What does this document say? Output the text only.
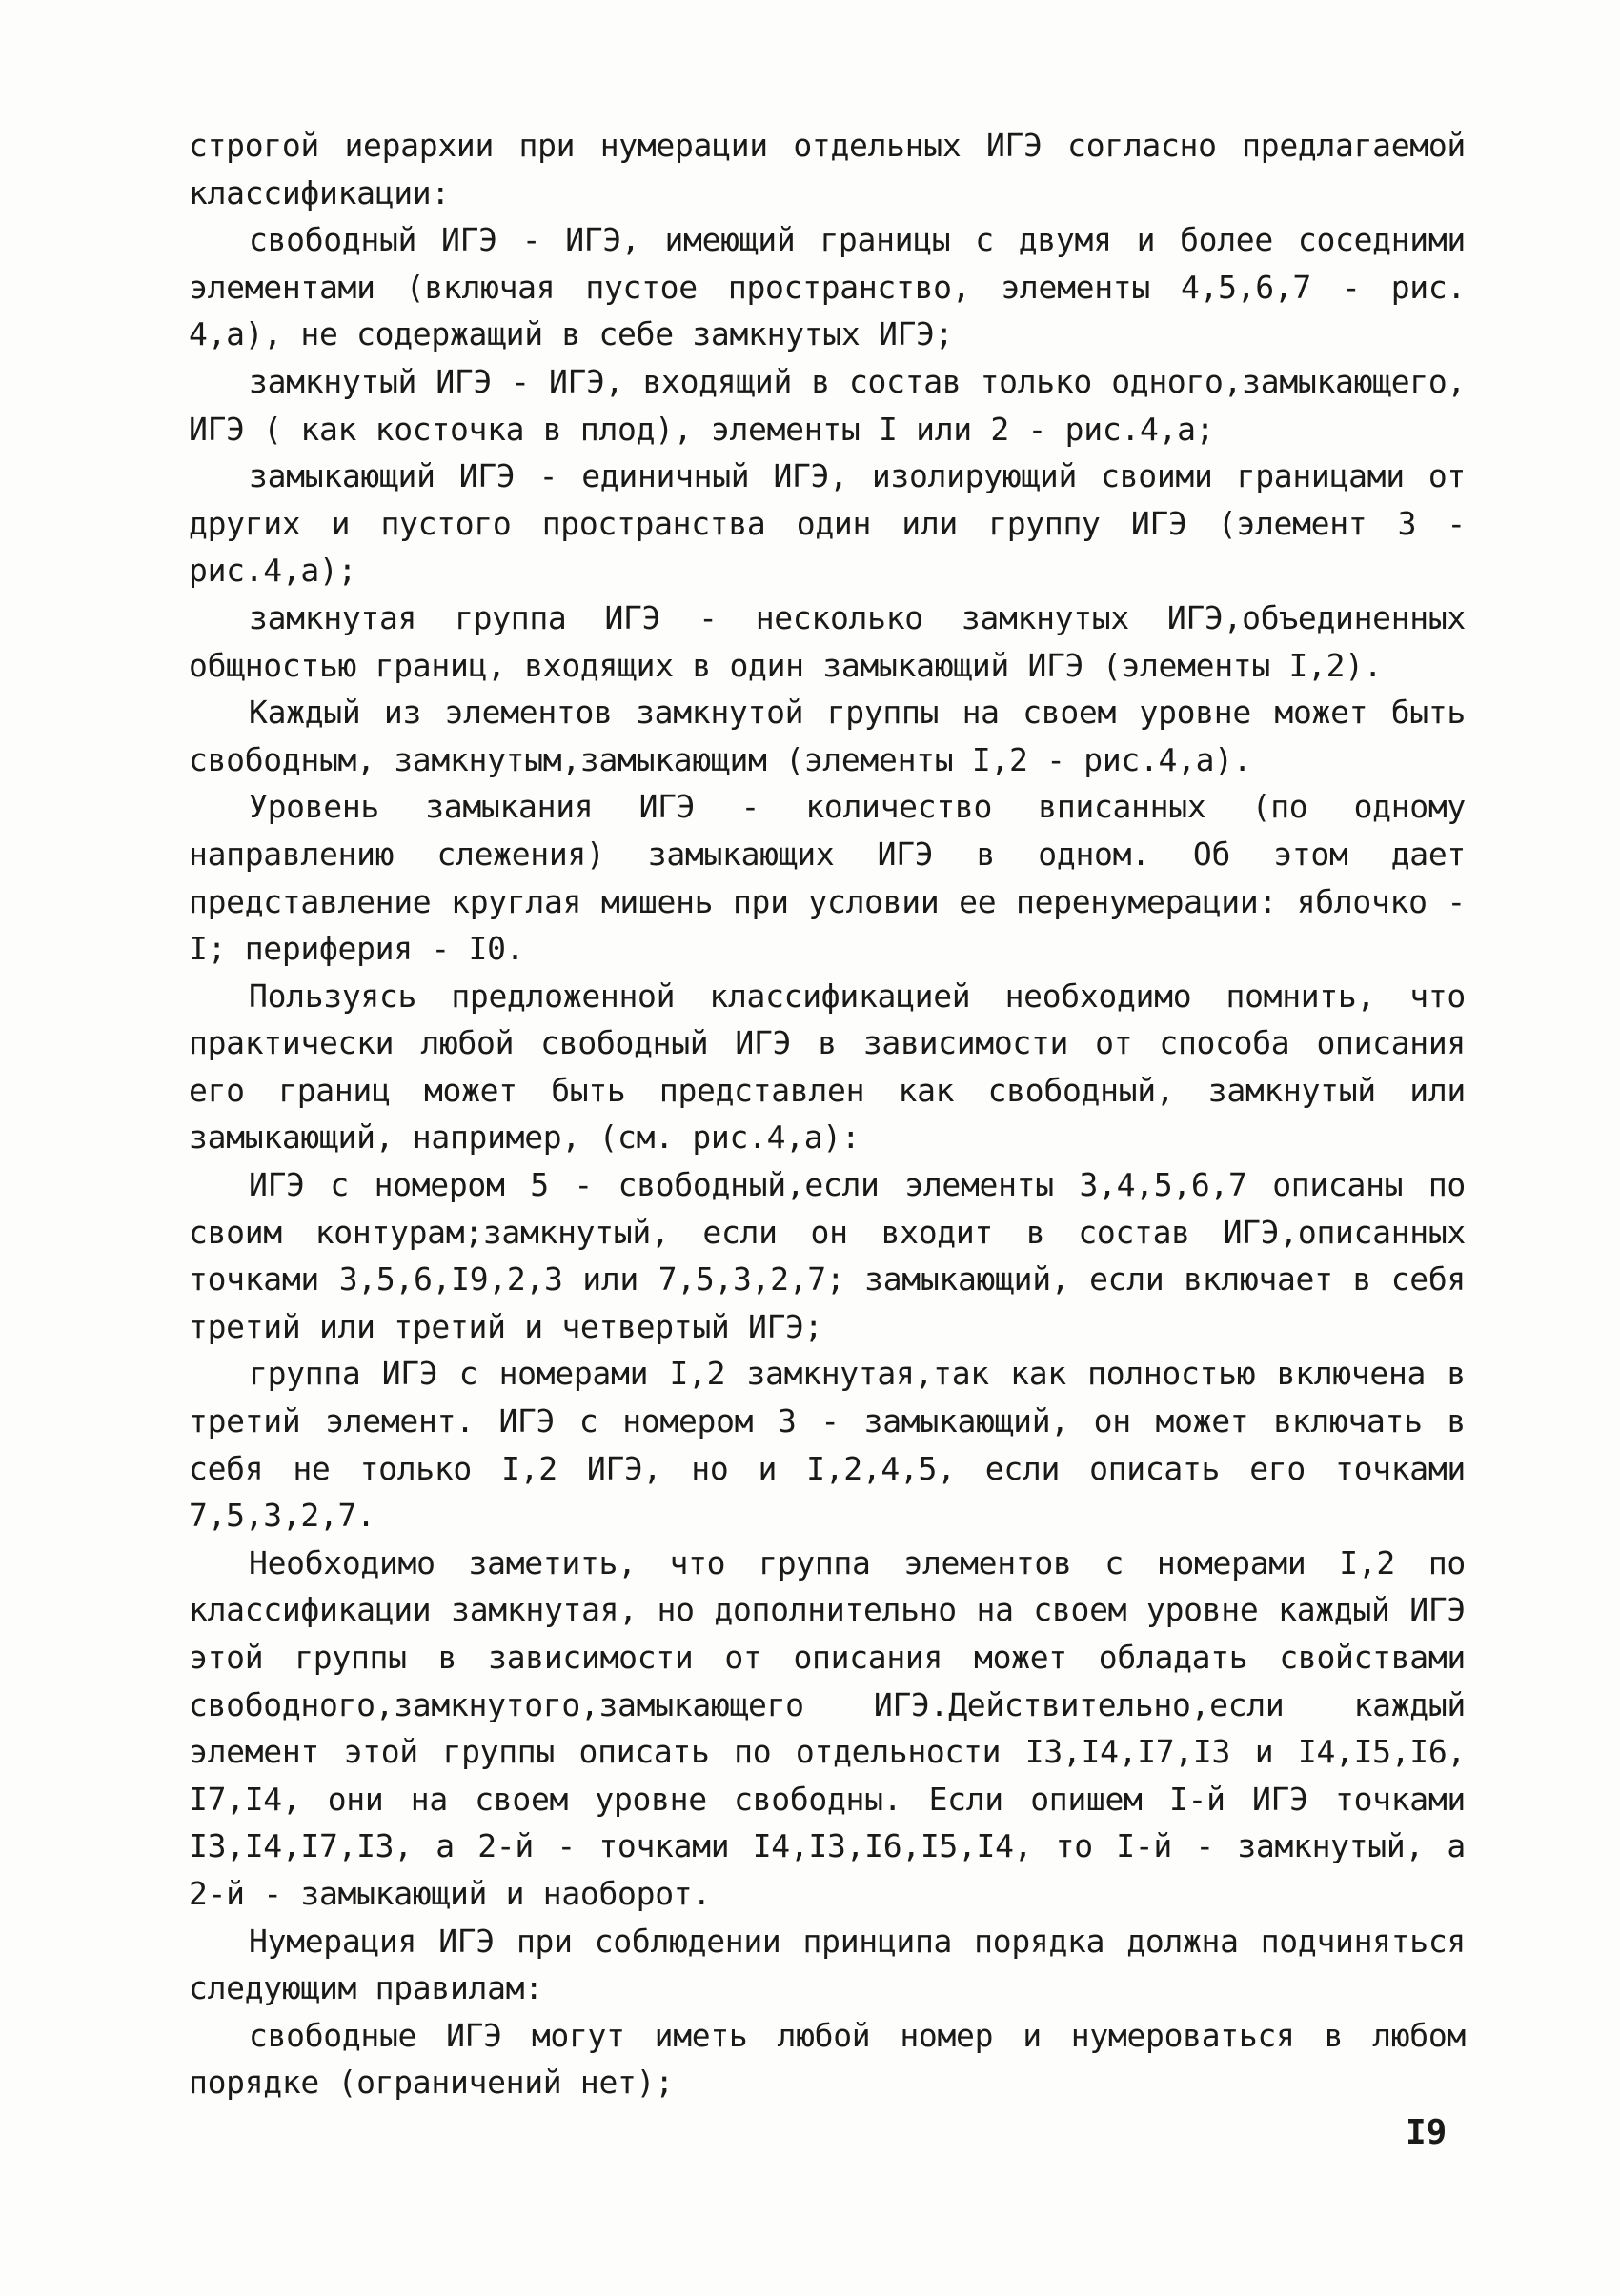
строгой иерархии при нумерации отдельных ИГЭ согласно предлагаемой классификации:

свободный ИГЭ - ИГЭ, имеющий границы с двумя и более соседними элементами (включая пустое пространство, элементы 4,5,6,7 - рис. 4,а), не содержащий в себе замкнутых ИГЭ;

замкнутый ИГЭ - ИГЭ, входящий в состав только одного,замыкающего, ИГЭ ( как косточка в плод), элементы I или 2 - рис.4,а;

замыкающий ИГЭ - единичный ИГЭ, изолирующий своими границами от других и пустого пространства один или группу ИГЭ (элемент 3 - рис.4,а);

замкнутая группа ИГЭ - несколько замкнутых ИГЭ,объединенных общностью границ, входящих в один замыкающий ИГЭ (элементы I,2).

Каждый из элементов замкнутой группы на своем уровне может быть свободным, замкнутым,замыкающим (элементы I,2 - рис.4,а).

Уровень замыкания ИГЭ - количество вписанных (по одному направлению слежения) замыкающих ИГЭ в одном. Об этом дает представление круглая мишень при условии ее перенумерации: яблочко - I; периферия - I0.

Пользуясь предложенной классификацией необходимо помнить, что практически любой свободный ИГЭ в зависимости от способа описания его границ может быть представлен как свободный, замкнутый или замыкающий, например, (см. рис.4,а):

ИГЭ с номером 5 - свободный,если элементы 3,4,5,6,7 описаны по своим контурам;замкнутый, если он входит в состав ИГЭ,описанных точками 3,5,6,I9,2,3 или 7,5,3,2,7; замыкающий, если включает в себя третий или третий и четвертый ИГЭ;

группа ИГЭ с номерами I,2 замкнутая,так как полностью включена в третий элемент. ИГЭ с номером 3 - замыкающий, он может включать в себя не только I,2 ИГЭ, но и I,2,4,5, если описать его точками 7,5,3,2,7.

Необходимо заметить, что группа элементов с номерами I,2 по классификации замкнутая, но дополнительно на своем уровне каждый ИГЭ этой группы в зависимости от описания может обладать свойствами свободного,замкнутого,замыкающего ИГЭ.Действительно,если каждый элемент этой группы описать по отдельности I3,I4,I7,I3 и I4,I5,I6, I7,I4, они на своем уровне свободны. Если опишем I-й ИГЭ точками I3,I4,I7,I3, а 2-й - точками I4,I3,I6,I5,I4, то I-й - замкнутый, а 2-й - замыкающий и наоборот.

Нумерация ИГЭ при соблюдении принципа порядка должна подчиняться следующим правилам:

свободные ИГЭ могут иметь любой номер и нумероваться в любом порядке (ограничений нет);

I9
